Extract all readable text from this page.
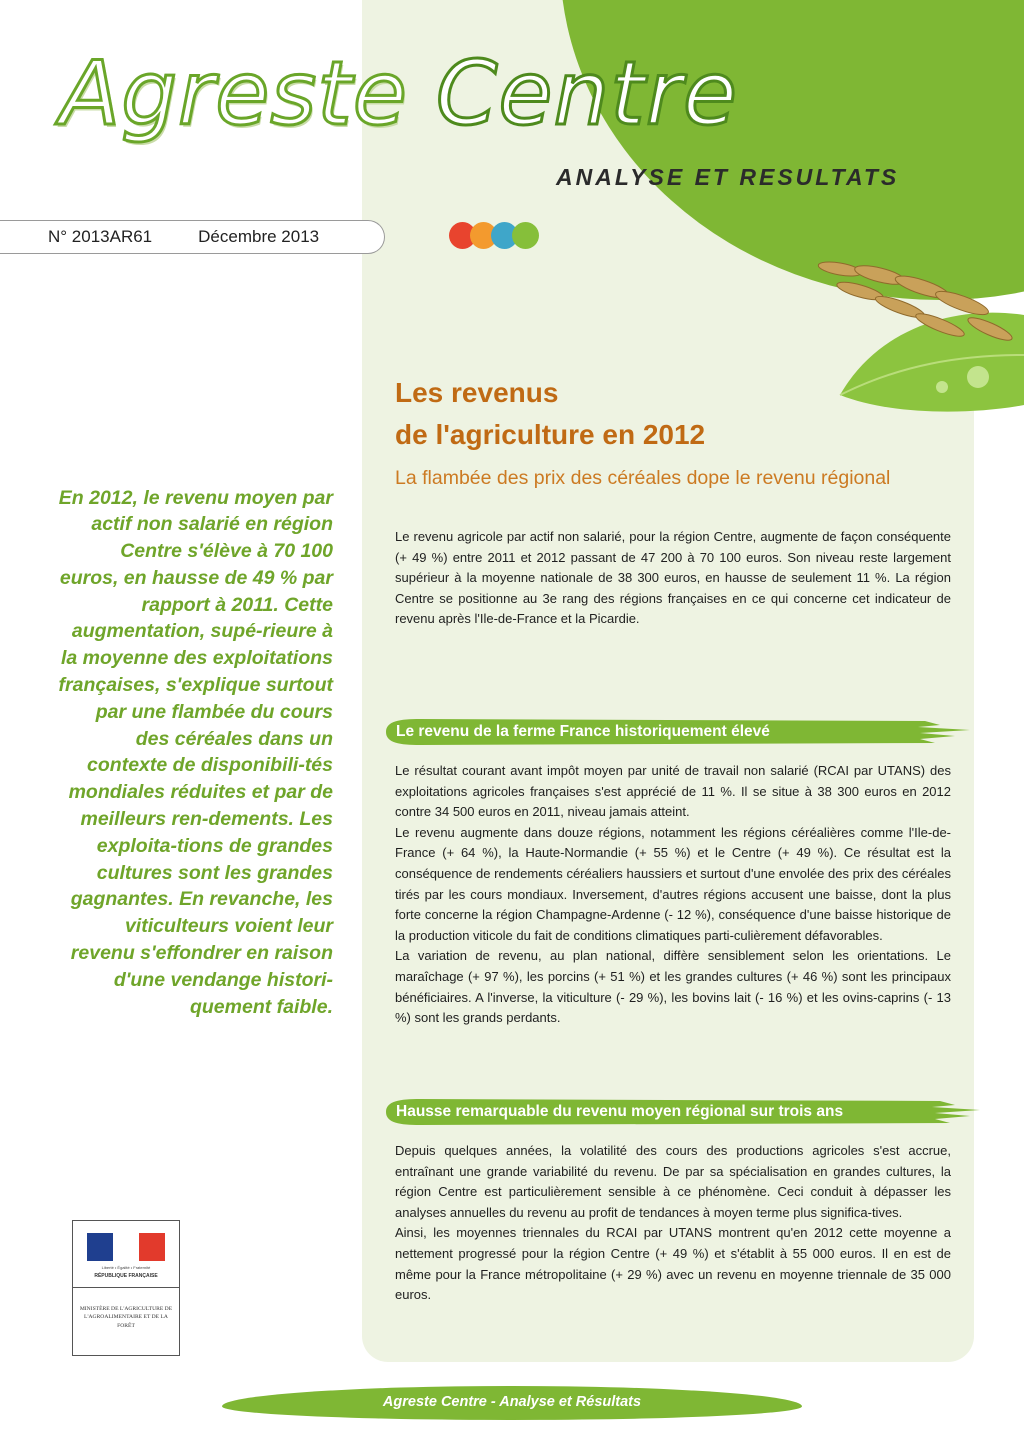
Agreste Centre
ANALYSE ET RESULTATS
N° 2013AR61	Décembre 2013

En 2012, le revenu moyen par actif non salarié en région Centre s'élève à 70 100 euros, en hausse de 49 % par rapport à 2011. Cette augmentation, supé-rieure à la moyenne des exploitations françaises, s'explique surtout par une flambée du cours des céréales dans un contexte de disponibili-tés mondiales réduites et par de meilleurs ren-dements. Les exploita-tions de grandes cultures sont les grandes gagnantes. En revanche, les viticulteurs voient leur revenu s'effondrer en raison d'une vendange histori-quement faible.

Les revenus
de l'agriculture en 2012

La flambée des prix des céréales dope le revenu régional

Le revenu agricole par actif non salarié, pour la région Centre, augmente de façon conséquente (+ 49 %) entre 2011 et 2012 passant de 47 200 à 70 100 euros. Son niveau reste largement supérieur à la moyenne nationale de 38 300 euros, en hausse de seulement 11 %. La région Centre se positionne au 3e rang des régions françaises en ce qui concerne cet indicateur de revenu après l'Ile-de-France et la Picardie.

Le revenu de la ferme France historiquement élevé

Le résultat courant avant impôt moyen par unité de travail non salarié (RCAI par UTANS) des exploitations agricoles françaises s'est apprécié de 11 %. Il se situe à 38 300 euros en 2012 contre 34 500 euros en 2011, niveau jamais atteint.

Le revenu augmente dans douze régions, notamment les régions céréalières comme l'Ile-de-France (+ 64 %), la Haute-Normandie (+ 55 %) et le Centre (+ 49 %). Ce résultat est la conséquence de rendements céréaliers haussiers et surtout d'une envolée des prix des céréales tirés par les cours mondiaux. Inversement, d'autres régions accusent une baisse, dont la plus forte concerne la région Champagne-Ardenne (- 12 %), conséquence d'une baisse historique de la production viticole du fait de conditions climatiques parti-culièrement défavorables.

La variation de revenu, au plan national, diffère sensiblement selon les orientations. Le maraîchage (+ 97 %), les porcins (+ 51 %) et les grandes cultures (+ 46 %) sont les principaux bénéficiaires. A l'inverse, la viticulture (- 29 %), les bovins lait (- 16 %) et les ovins-caprins (- 13 %) sont les grands perdants.

Hausse remarquable du revenu moyen régional sur trois ans

Depuis quelques années, la volatilité des cours des productions agricoles s'est accrue, entraînant une grande variabilité du revenu. De par sa spécialisation en grandes cultures, la région Centre est particulièrement sensible à ce phénomène. Ceci conduit à dépasser les analyses annuelles du revenu au profit de tendances à moyen terme plus significa-tives.

Ainsi, les moyennes triennales du RCAI par UTANS montrent qu'en 2012 cette moyenne a nettement progressé pour la région Centre (+ 49 %) et s'établit à 55 000 euros. Il en est de même pour la France métropolitaine (+ 29 %) avec un revenu en moyenne triennale de 35 000 euros.

Liberté • Égalité • Fraternité
RÉPUBLIQUE FRANÇAISE
MINISTÈRE DE L'AGRICULTURE DE L'AGROALIMENTAIRE ET DE LA FORÊT
Agreste Centre - Analyse et Résultats
